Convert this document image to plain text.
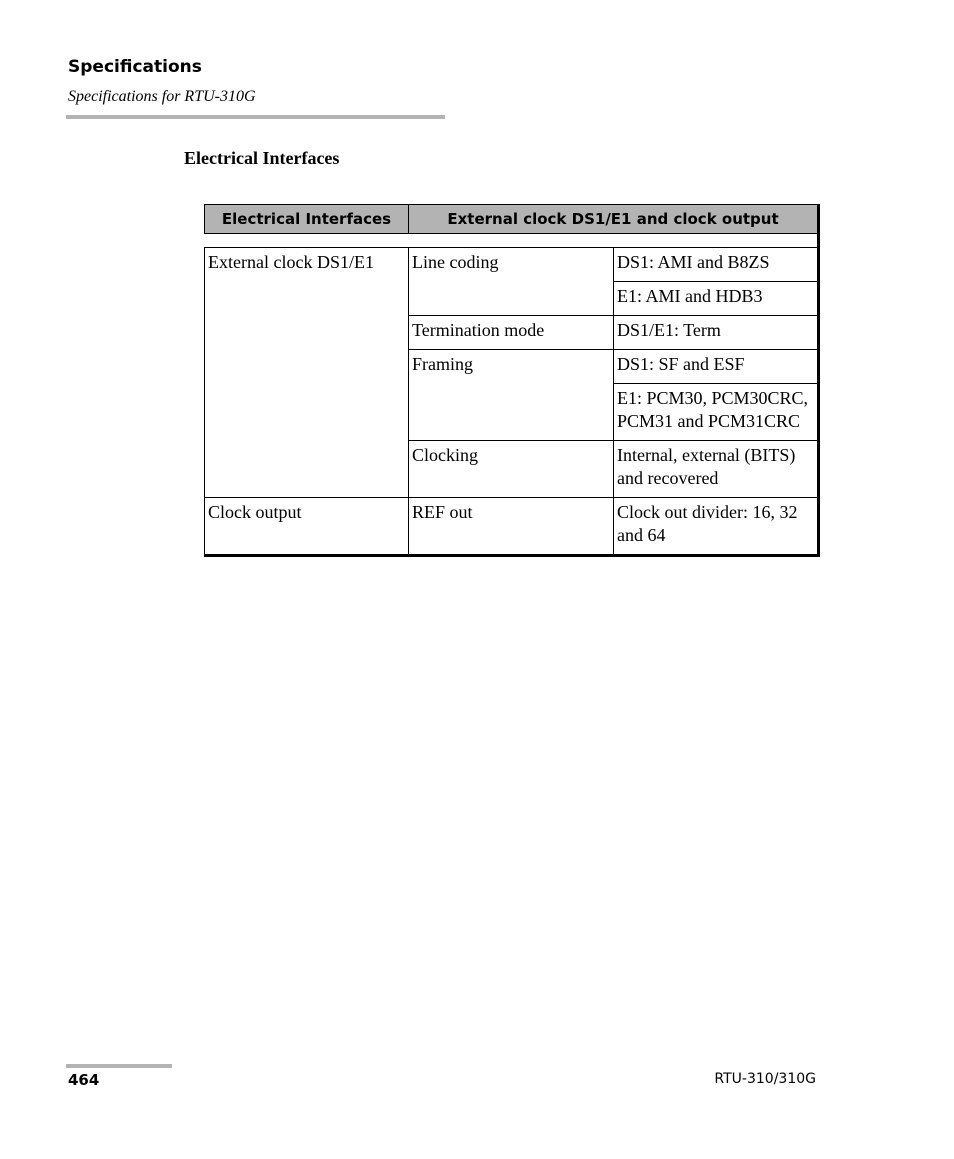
Specifications
Specifications for RTU-310G
Electrical Interfaces
Electrical Interfaces	External clock DS1/E1 and clock output	

External clock DS1/E1	Line coding	DS1: AMI and B8ZS
		E1: AMI and HDB3
	Termination mode	DS1/E1: Term
	Framing	DS1: SF and ESF
		E1: PCM30, PCM30CRC, PCM31 and PCM31CRC
	Clocking	Internal, external (BITS) and recovered
Clock output	REF out	Clock out divider: 16, 32 and 64
464	RTU-310/310G
